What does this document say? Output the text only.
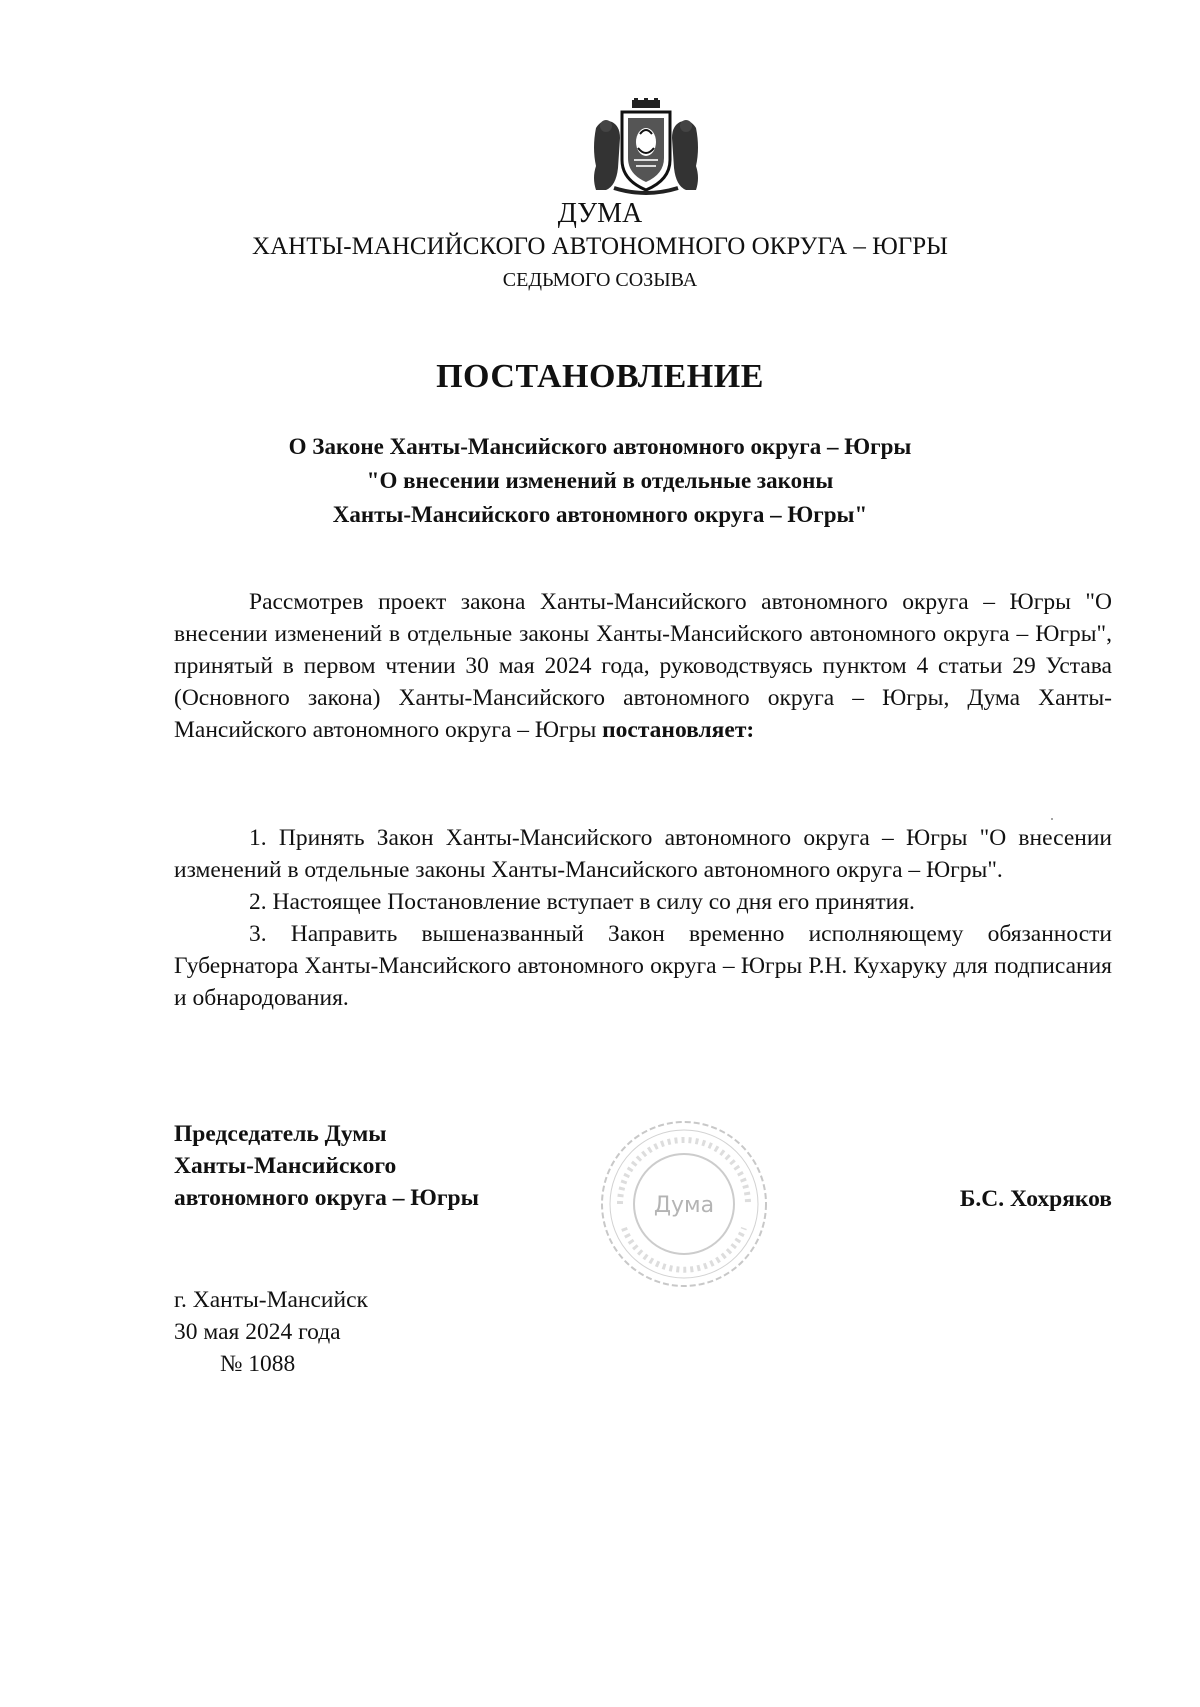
ДУМА
ХАНТЫ-МАНСИЙСКОГО АВТОНОМНОГО ОКРУГА – ЮГРЫ
СЕДЬМОГО СОЗЫВА
ПОСТАНОВЛЕНИЕ
О Законе Ханты-Мансийского автономного округа – Югры
"О внесении изменений в отдельные законы
Ханты-Мансийского автономного округа – Югры"

Рассмотрев проект закона Ханты-Мансийского автономного округа – Югры "О внесении изменений в отдельные законы Ханты-Мансийского автономного округа – Югры", принятый в первом чтении 30 мая 2024 года, руководствуясь пунктом 4 статьи 29 Устава (Основного закона) Ханты-Мансийского автономного округа – Югры, Дума Ханты-Мансийского автономного округа – Югры постановляет:

1. Принять Закон Ханты-Мансийского автономного округа – Югры "О внесении изменений в отдельные законы Ханты-Мансийского автономного округа – Югры".

2. Настоящее Постановление вступает в силу со дня его принятия.

3. Направить вышеназванный Закон временно исполняющему обязанности Губернатора Ханты-Мансийского автономного округа – Югры Р.Н. Кухаруку для подписания и обнародования.

Председатель Думы
Ханты-Мансийского
автономного округа – Югры	Дума	Б.С. Хохряков
г. Ханты-Мансийск
30 мая 2024 года
№ 1088
